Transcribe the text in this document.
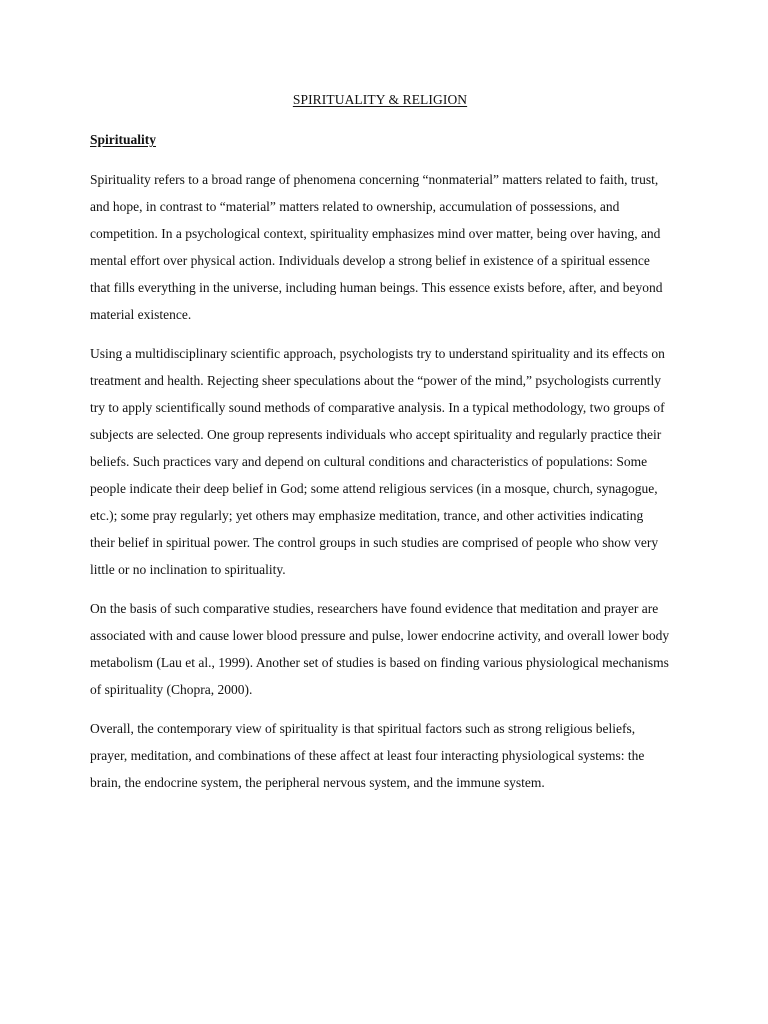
SPIRITUALITY & RELIGION
Spirituality

Spirituality refers to a broad range of phenomena concerning “nonmaterial” matters related to faith, trust, and hope, in contrast to “material” matters related to ownership, accumulation of possessions, and competition. In a psychological context, spirituality emphasizes mind over matter, being over having, and mental effort over physical action. Individuals develop a strong belief in existence of a spiritual essence that fills everything in the universe, including human beings. This essence exists before, after, and beyond material existence.

Using a multidisciplinary scientific approach, psychologists try to understand spirituality and its effects on treatment and health. Rejecting sheer speculations about the “power of the mind,” psychologists currently try to apply scientifically sound methods of comparative analysis. In a typical methodology, two groups of subjects are selected. One group represents individuals who accept spirituality and regularly practice their beliefs. Such practices vary and depend on cultural conditions and characteristics of populations: Some people indicate their deep belief in God; some attend religious services (in a mosque, church, synagogue, etc.); some pray regularly; yet others may emphasize meditation, trance, and other activities indicating their belief in spiritual power. The control groups in such studies are comprised of people who show very little or no inclination to spirituality.

On the basis of such comparative studies, researchers have found evidence that meditation and prayer are associated with and cause lower blood pressure and pulse, lower endocrine activity, and overall lower body metabolism (Lau et al., 1999). Another set of studies is based on finding various physiological mechanisms of spirituality (Chopra, 2000).

Overall, the contemporary view of spirituality is that spiritual factors such as strong religious beliefs, prayer, meditation, and combinations of these affect at least four interacting physiological systems: the brain, the endocrine system, the peripheral nervous system, and the immune system.
